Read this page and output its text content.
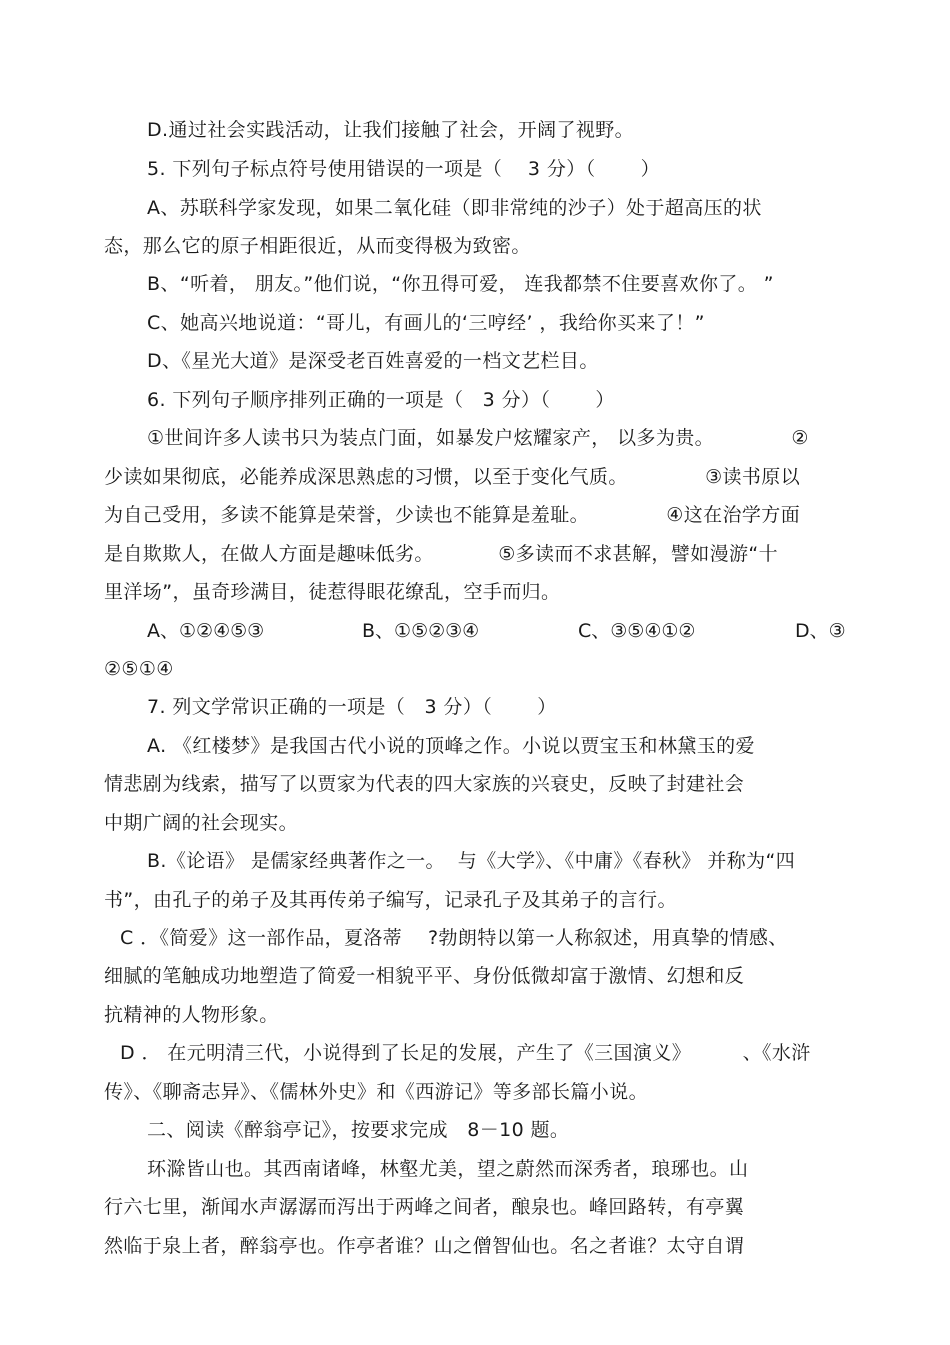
D.通过社会实践活动，让我们接触了社会，开阔了视野。

5. 下列句子标点符号使用错误的一项是（    3 分）（       ）

A、苏联科学家发现，如果二氧化硅（即非常纯的沙子）处于超高压的状

态，那么它的原子相距很近，从而变得极为致密。

B、“听着， 朋友。”他们说，“你丑得可爱， 连我都禁不住要喜欢你了。 ”

C、她高兴地说道：“哥儿，有画儿的‘三哼经’ ，我给你买来了！”

D、《星光大道》是深受老百姓喜爱的一档文艺栏目。

6. 下列句子顺序排列正确的一项是（   3 分）（       ）

①世间许多人读书只为装点门面，如暴发户炫耀家产， 以多为贵。            ②

少读如果彻底，必能养成深思熟虑的习惯，以至于变化气质。            ③读书原以

为自己受用，多读不能算是荣誉，少读也不能算是羞耻。            ④这在治学方面

是自欺欺人，在做人方面是趣味低劣。          ⑤多读而不求甚解，譬如漫游“十

里洋场”，虽奇珍满目，徒惹得眼花缭乱，空手而归。

A、①②④⑤③	B、①⑤②③④	C、③⑤④①②	D、③

②⑤①④

7. 列文学常识正确的一项是（   3 分）（       ）

A. 《红楼梦》是我国古代小说的顶峰之作。小说以贾宝玉和林黛玉的爱

情悲剧为线索，描写了以贾家为代表的四大家族的兴衰史，反映了封建社会

中期广阔的社会现实。

B.《论语》 是儒家经典著作之一。  与《大学》、《中庸》《春秋》 并称为“四

书”，由孔子的弟子及其再传弟子编写，记录孔子及其弟子的言行。

C ．《简爱》这一部作品，夏洛蒂    ?勃朗特以第一人称叙述，用真挚的情感、

细腻的笔触成功地塑造了简爱一相貌平平、身份低微却富于激情、幻想和反

抗精神的人物形象。

D ． 在元明清三代，小说得到了长足的发展，产生了《三国演义》        、《水浒

传》、《聊斋志异》、《儒林外史》和《西游记》等多部长篇小说。

二、阅读《醉翁亭记》，按要求完成   8－10 题。

环滁皆山也。其西南诸峰，林壑尤美，望之蔚然而深秀者，琅琊也。山

行六七里，渐闻水声潺潺而泻出于两峰之间者，酿泉也。峰回路转，有亭翼

然临于泉上者，醉翁亭也。作亭者谁？山之僧智仙也。名之者谁？太守自谓
